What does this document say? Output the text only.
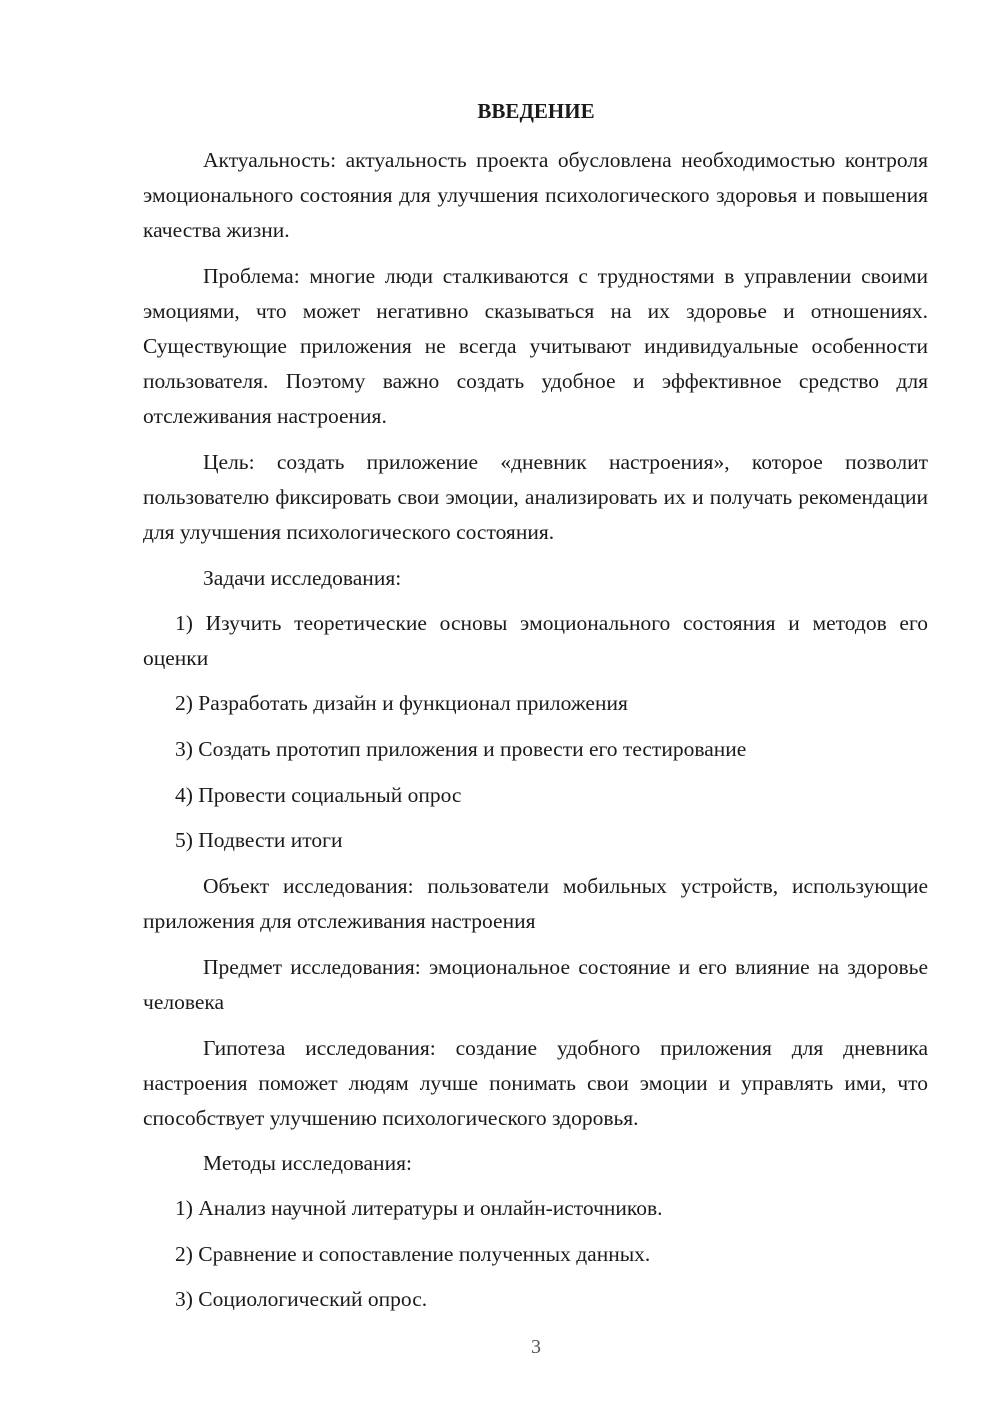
ВВЕДЕНИЕ
Актуальность: актуальность проекта обусловлена необходимостью контроля эмоционального состояния для улучшения психологического здоровья и повышения качества жизни.
Проблема: многие люди сталкиваются с трудностями в управлении своими эмоциями, что может негативно сказываться на их здоровье и отношениях. Существующие приложения не всегда учитывают индивидуальные особенности пользователя. Поэтому важно создать удобное и эффективное средство для отслеживания настроения.
Цель: создать приложение «дневник настроения», которое позволит пользователю фиксировать свои эмоции, анализировать их и получать рекомендации для улучшения психологического состояния.
Задачи исследования:
1) Изучить теоретические основы эмоционального состояния и методов его оценки
2) Разработать дизайн и функционал приложения
3) Создать прототип приложения и провести его тестирование
4) Провести социальный опрос
5) Подвести итоги
Объект исследования: пользователи мобильных устройств, использующие приложения для отслеживания настроения
Предмет исследования: эмоциональное состояние и его влияние на здоровье человека
Гипотеза исследования: создание удобного приложения для дневника настроения поможет людям лучше понимать свои эмоции и управлять ими, что способствует улучшению психологического здоровья.
Методы исследования:
1) Анализ научной литературы и онлайн-источников.
2) Сравнение и сопоставление полученных данных.
3) Социологический опрос.
3
